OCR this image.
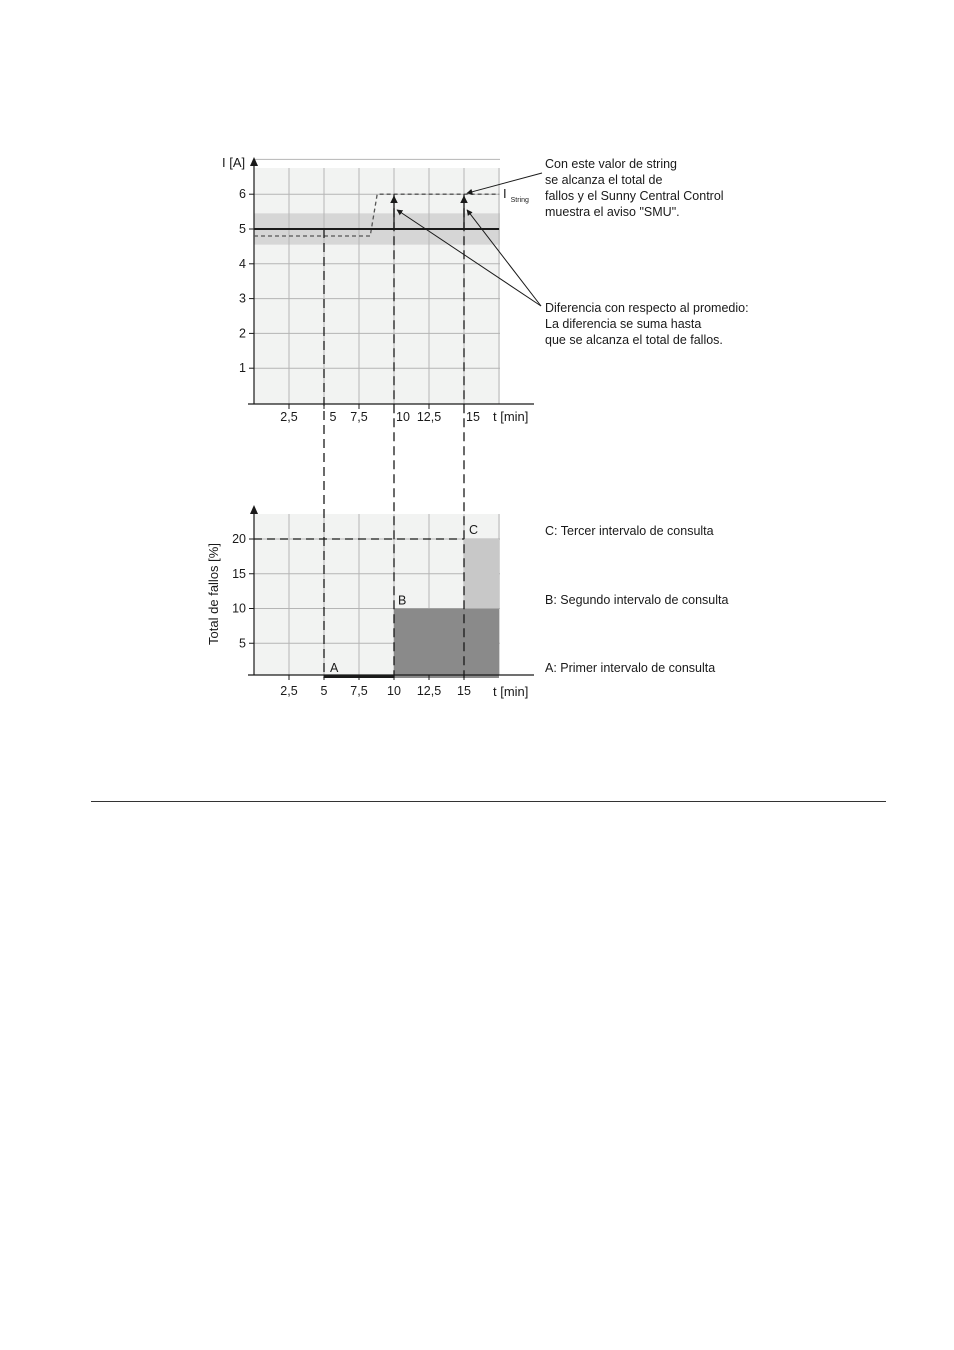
1
2
3
4
5
6
2,5	5 7,5 10 12,5 15 t [min]
I [A]
I $_{String}$
Con este valor de string
se alcanza el total de
fallos y el Sunny Central Control
muestra el aviso "SMU".
Diferencia con respecto al promedio:
La diferencia se suma hasta
que se alcanza el total de fallos.
A
B
C
5
10
15
20
2,5 5 7,5 10 12,5 15 t [min]
Total de fallos [%]
C: Tercer intervalo de consulta
B: Segundo intervalo de consulta
A: Primer intervalo de consulta
